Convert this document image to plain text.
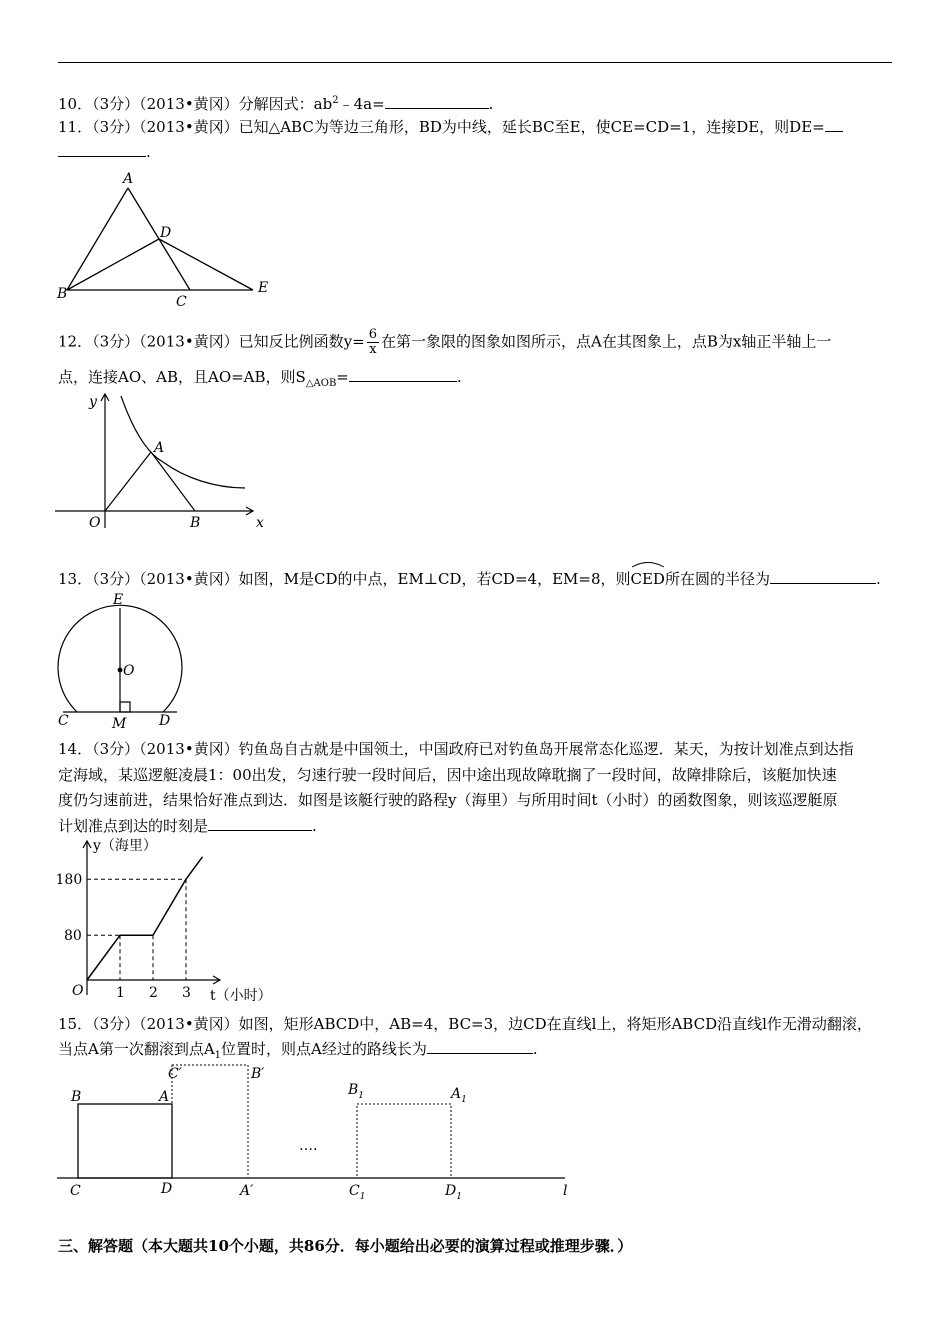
10．（3分）（2013•黄冈）分解因式：$ab^2﹣4a=$	.
11．（3分）（2013•黄冈）已知△ABC为等边三角形，BD为中线，延长BC至E，使CE=CD=1，连接DE，则DE=
.
A
B	C
D
E
12．（3分）（2013•黄冈）已知反比例函数$y= \frac{6}{x}$ 在第一象限的图象如图所示，点A在其图象上，点B为x轴正半轴上一
点，连接AO、AB，且AO=AB，则$S_{\triangle AOB}=$	.
y
A
O	B	x
13．（3分）（2013•黄冈）如图，M是CD的中点，EM⊥CD，若CD=4，EM=8，则
CED所在圆的半径为	.
E
O
C	M D
14．（3分）（2013•黄冈）钓鱼岛自古就是中国领土，中国政府已对钓鱼岛开展常态化巡逻．某天，为按计划准点到达指
定海域，某巡逻艇凌晨1：00出发，匀速行驶一段时间后，因中途出现故障耽搁了一段时间，故障排除后，该艇加快速
度仍匀速前进，结果恰好准点到达．如图是该艇行驶的路程y（海里）与所用时间t（小时）的函数图象，则该巡逻艇原
计划准点到达的时刻是	.
1 2 3
80
180
y（海里）
O	t（小时）
15．（3分）（2013•黄冈）如图，矩形ABCD中，AB=4，BC=3，边CD在直线l上，将矩形ABCD沿直线l作无滑动翻滚，
当点A第一次翻滚到点$A_1$位置时，则点A经过的路线长为	.
B	A
C′	B′
$B_1$	$A_1$
….
C	D	A′	$C_1$	$D_1$	l
三、解答题（本大题共10个小题，共86分．每小题给出必要的演算过程或推理步骤．）
